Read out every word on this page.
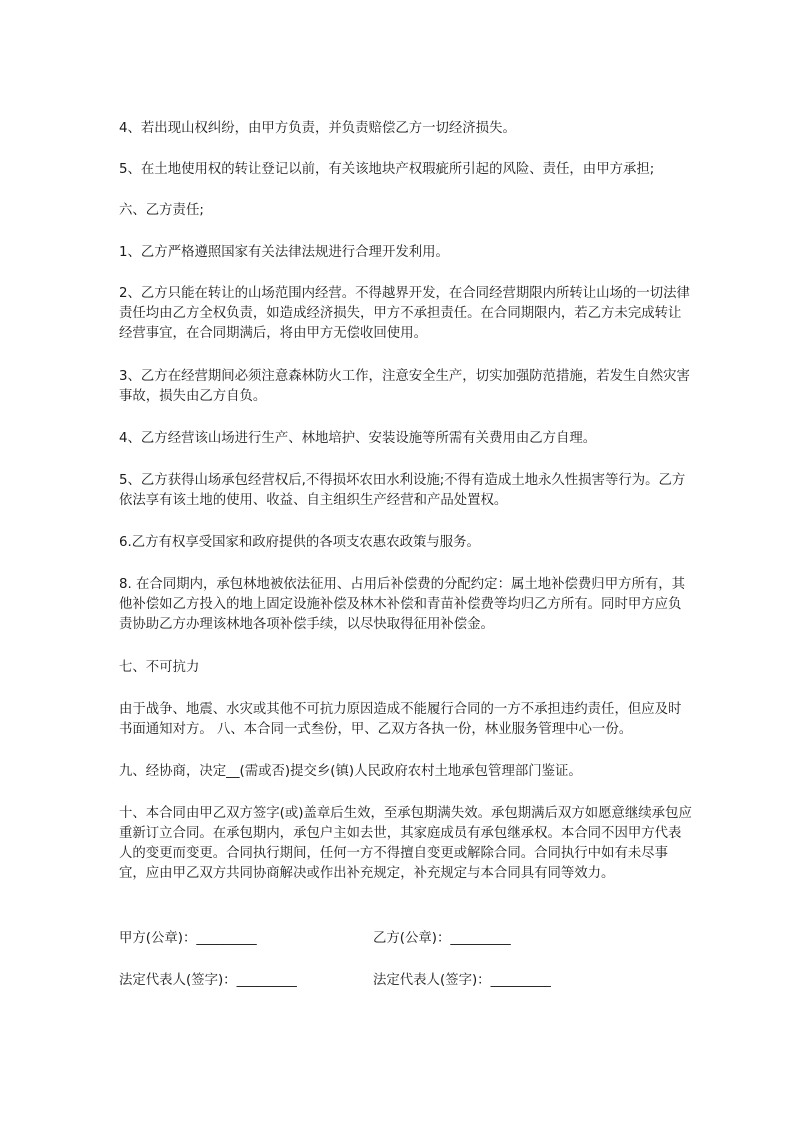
4、若出现山权纠纷，由甲方负责，并负责赔偿乙方一切经济损失。

5、在土地使用权的转让登记以前，有关该地块产权瑕疵所引起的风险、责任，由甲方承担;

六、乙方责任;

1、乙方严格遵照国家有关法律法规进行合理开发利用。

2、乙方只能在转让的山场范围内经营。不得越界开发，在合同经营期限内所转让山场的一切法律责任均由乙方全权负责，如造成经济损失，甲方不承担责任。在合同期限内，若乙方未完成转让经营事宜，在合同期满后，将由甲方无偿收回使用。

3、乙方在经营期间必须注意森林防火工作，注意安全生产，切实加强防范措施，若发生自然灾害事故，损失由乙方自负。

4、乙方经营该山场进行生产、林地培护、安装设施等所需有关费用由乙方自理。

5、乙方获得山场承包经营权后,不得损坏农田水利设施;不得有造成土地永久性损害等行为。乙方依法享有该土地的使用、收益、自主组织生产经营和产品处置权。

6.乙方有权享受国家和政府提供的各项支农惠农政策与服务。

8. 在合同期内，承包林地被依法征用、占用后补偿费的分配约定：属土地补偿费归甲方所有，其他补偿如乙方投入的地上固定设施补偿及林木补偿和青苗补偿费等均归乙方所有。同时甲方应负责协助乙方办理该林地各项补偿手续，以尽快取得征用补偿金。

七、不可抗力

由于战争、地震、水灾或其他不可抗力原因造成不能履行合同的一方不承担违约责任，但应及时书面通知对方。 八、本合同一式叁份，甲、乙双方各执一份，林业服务管理中心一份。

九、经协商，决定__(需或否)提交乡(镇)人民政府农村土地承包管理部门鉴证。

十、本合同由甲乙双方签字(或)盖章后生效，至承包期满失效。承包期满后双方如愿意继续承包应重新订立合同。在承包期内，承包户主如去世，其家庭成员有承包继承权。本合同不因甲方代表人的变更而变更。合同执行期间，任何一方不得擅自变更或解除合同。合同执行中如有未尽事宜，应由甲乙双方共同协商解决或作出补充规定，补充规定与本合同具有同等效力。

甲方(公章)：_________	乙方(公章)：_________
法定代表人(签字)：_________	法定代表人(签字)：_________
